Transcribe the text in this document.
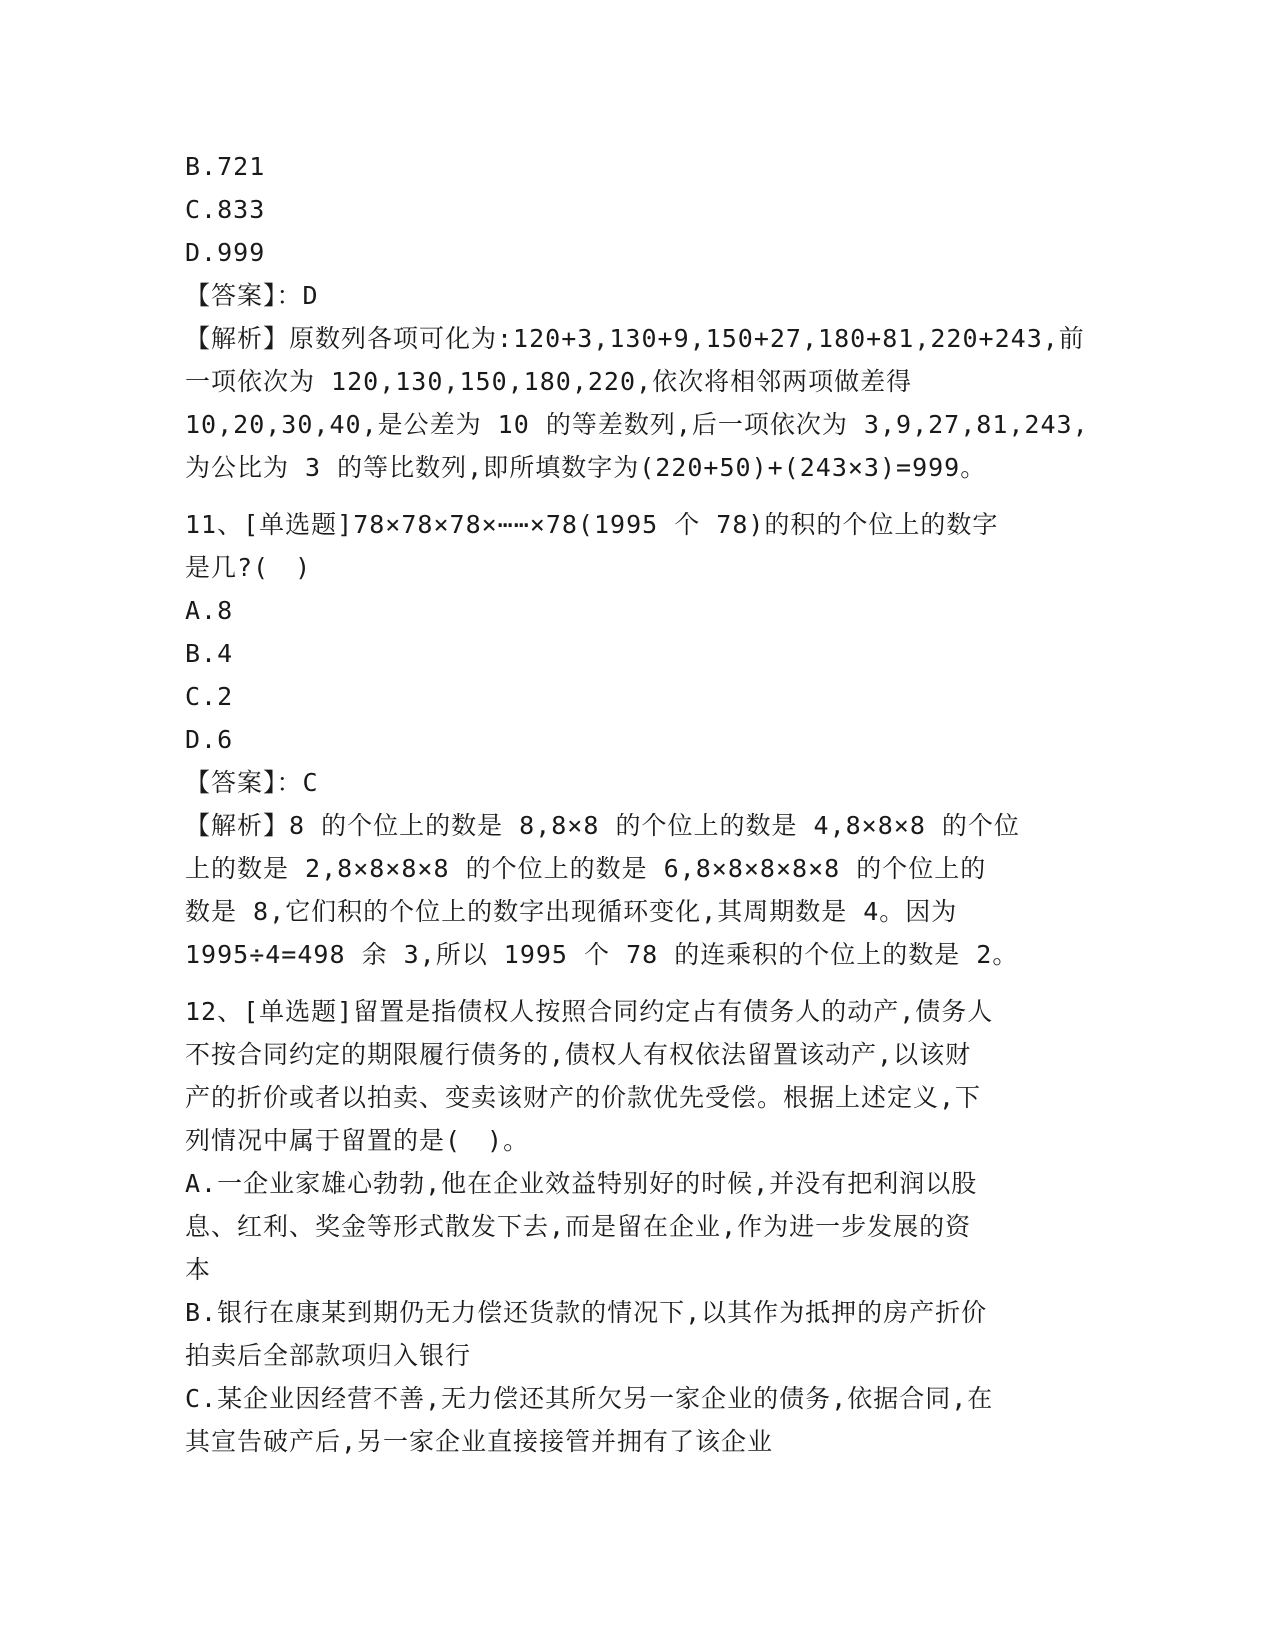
B.721
C.833
D.999
【答案】：D
【解析】原数列各项可化为:120+3,130+9,150+27,180+81,220+243,前
一项依次为 120,130,150,180,220,依次将相邻两项做差得
10,20,30,40,是公差为 10 的等差数列,后一项依次为 3,9,27,81,243,
为公比为 3 的等比数列,即所填数字为(220+50)+(243×3)=999。
11、[单选题]78×78×78×⋯⋯×78(1995 个 78)的积的个位上的数字
是几?(　)
A.8
B.4
C.2
D.6
【答案】：C
【解析】8 的个位上的数是 8,8×8 的个位上的数是 4,8×8×8 的个位
上的数是 2,8×8×8×8 的个位上的数是 6,8×8×8×8×8 的个位上的
数是 8,它们积的个位上的数字出现循环变化,其周期数是 4。因为
1995÷4=498 余 3,所以 1995 个 78 的连乘积的个位上的数是 2。
12、[单选题]留置是指债权人按照合同约定占有债务人的动产,债务人
不按合同约定的期限履行债务的,债权人有权依法留置该动产,以该财
产的折价或者以拍卖、变卖该财产的价款优先受偿。根据上述定义,下
列情况中属于留置的是(　)。
A.一企业家雄心勃勃,他在企业效益特别好的时候,并没有把利润以股
息、红利、奖金等形式散发下去,而是留在企业,作为进一步发展的资
本
B.银行在康某到期仍无力偿还货款的情况下,以其作为抵押的房产折价
拍卖后全部款项归入银行
C.某企业因经营不善,无力偿还其所欠另一家企业的债务,依据合同,在
其宣告破产后,另一家企业直接接管并拥有了该企业
